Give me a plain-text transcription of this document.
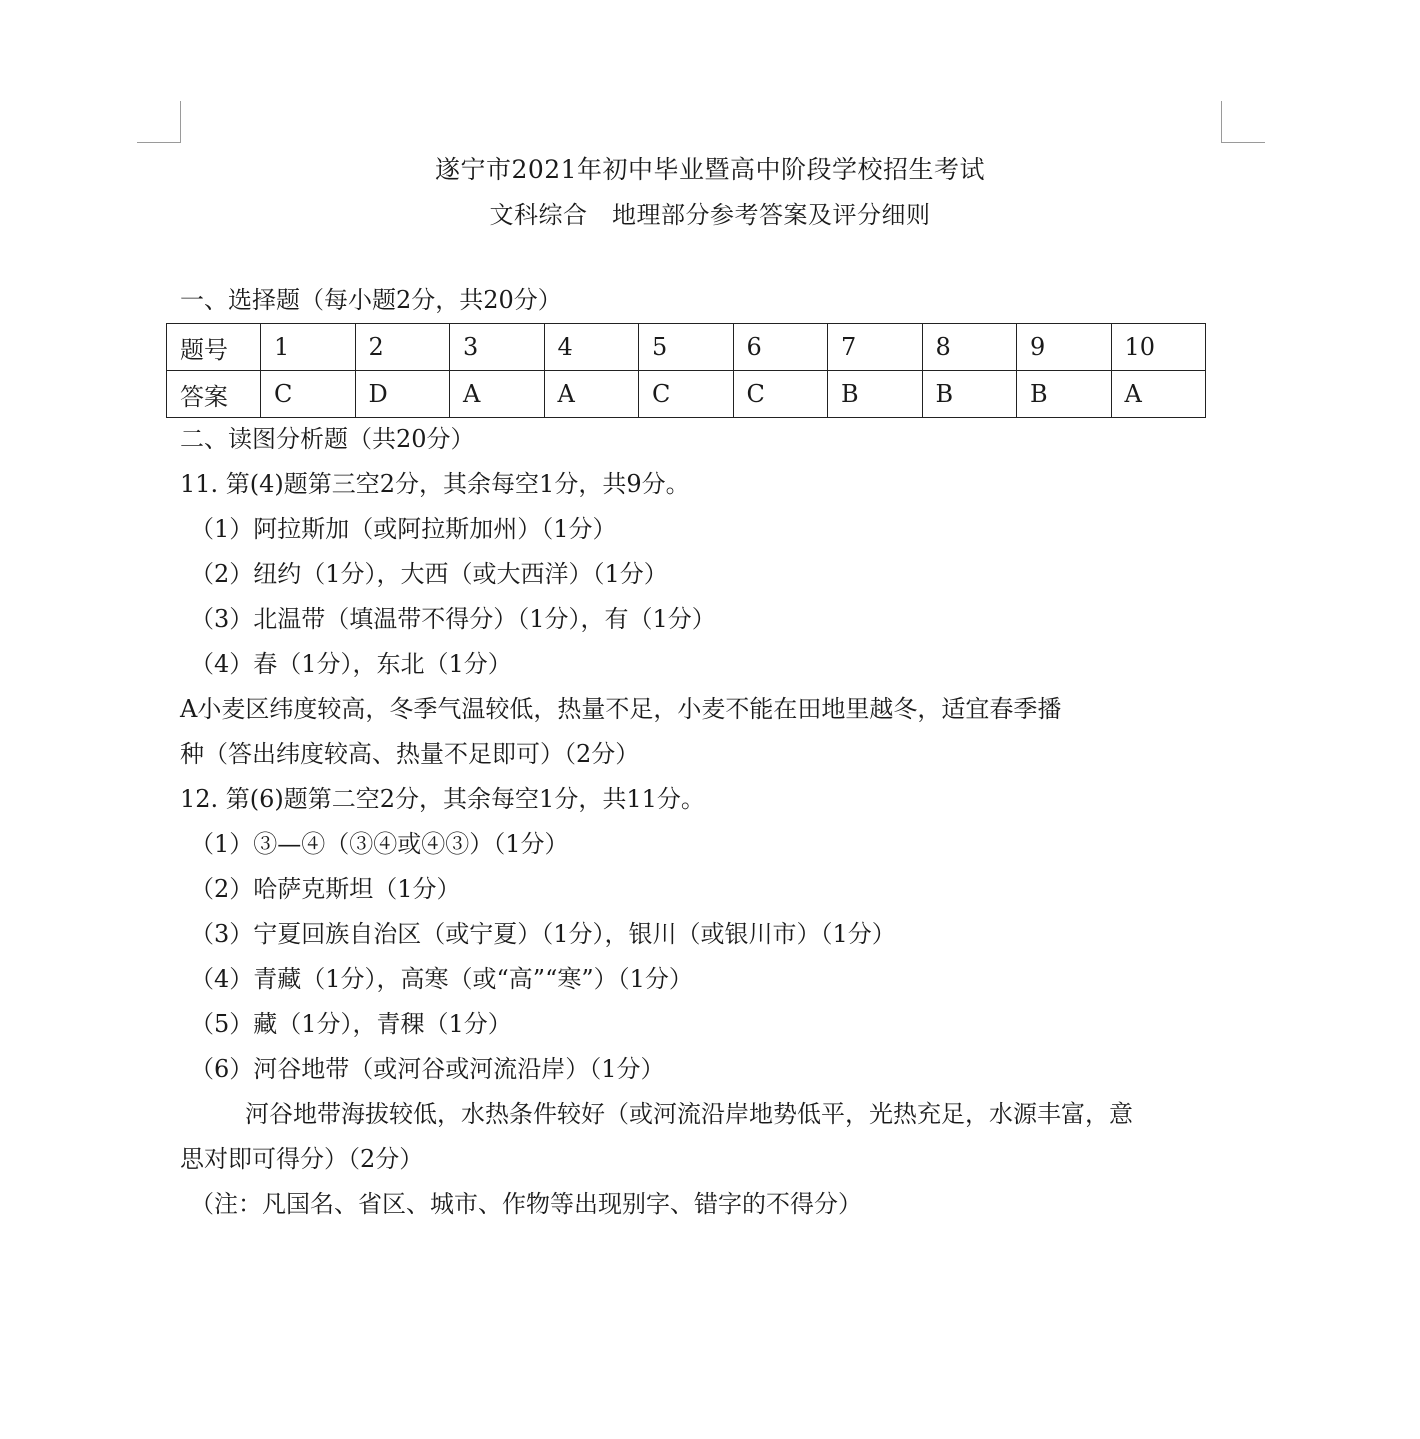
遂宁市2021年初中毕业暨高中阶段学校招生考试
文科综合　地理部分参考答案及评分细则
一、选择题（每小题2分，共20分）
题号	1	2	3	4	5	6	7	8	9	10
答案	C	D	A	A	C	C	B	B	B	A
二、读图分析题（共20分）
11. 第(4)题第三空2分，其余每空1分，共9分。
（1）阿拉斯加（或阿拉斯加州）（1分）
（2）纽约（1分），大西（或大西洋）（1分）
（3）北温带（填温带不得分）（1分），有（1分）
（4）春（1分），东北（1分）
A小麦区纬度较高，冬季气温较低，热量不足，小麦不能在田地里越冬，适宜春季播
种（答出纬度较高、热量不足即可）（2分）
12. 第(6)题第二空2分，其余每空1分，共11分。
（1）③—④（③④或④③）（1分）
（2）哈萨克斯坦（1分）
（3）宁夏回族自治区（或宁夏）（1分），银川（或银川市）（1分）
（4）青藏（1分），高寒（或“高”“寒”）（1分）
（5）藏（1分），青稞（1分）
（6）河谷地带（或河谷或河流沿岸）（1分）
河谷地带海拔较低，水热条件较好（或河流沿岸地势低平，光热充足，水源丰富，意
思对即可得分）（2分）
（注：凡国名、省区、城市、作物等出现别字、错字的不得分）
